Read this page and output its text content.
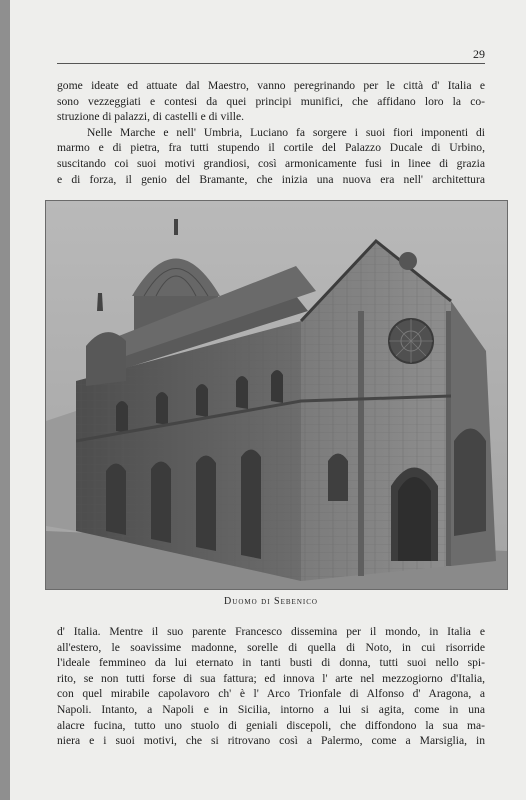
29
gome ideate ed attuate dal Maestro, vanno peregrinando per le città d' Italia e
sono vezzeggiati e contesi da quei principi munifici, che affidano loro la co-
struzione di palazzi, di castelli e di ville.
Nelle Marche e nell' Umbria, Luciano fa sorgere i suoi fiori imponenti di
marmo e di pietra, fra tutti stupendo il cortile del Palazzo Ducale di Urbino,
suscitando coi suoi motivi grandiosi, così armonicamente fusi in linee di grazia
e di forza, il genio del Bramante, che inizia una nuova era nell' architettura
Duomo di Sebenico
d' Italia. Mentre il suo parente Francesco dissemina per il mondo, in Italia e
all'estero, le soavissime madonne, sorelle di quella di Noto, in cui risorride
l'ideale femmineo da lui eternato in tanti busti di donna, tutti suoi nello spi-
rito, se non tutti forse di sua fattura; ed innova l' arte nel mezzogiorno d'Italia,
con quel mirabile capolavoro ch' è l' Arco Trionfale di Alfonso d' Aragona, a
Napoli. Intanto, a Napoli e in Sicilia, intorno a lui si agita, come in una
alacre fucina, tutto uno stuolo di geniali discepoli, che diffondono la sua ma-
niera e i suoi motivi, che si ritrovano così a Palermo, come a Marsiglia, in
